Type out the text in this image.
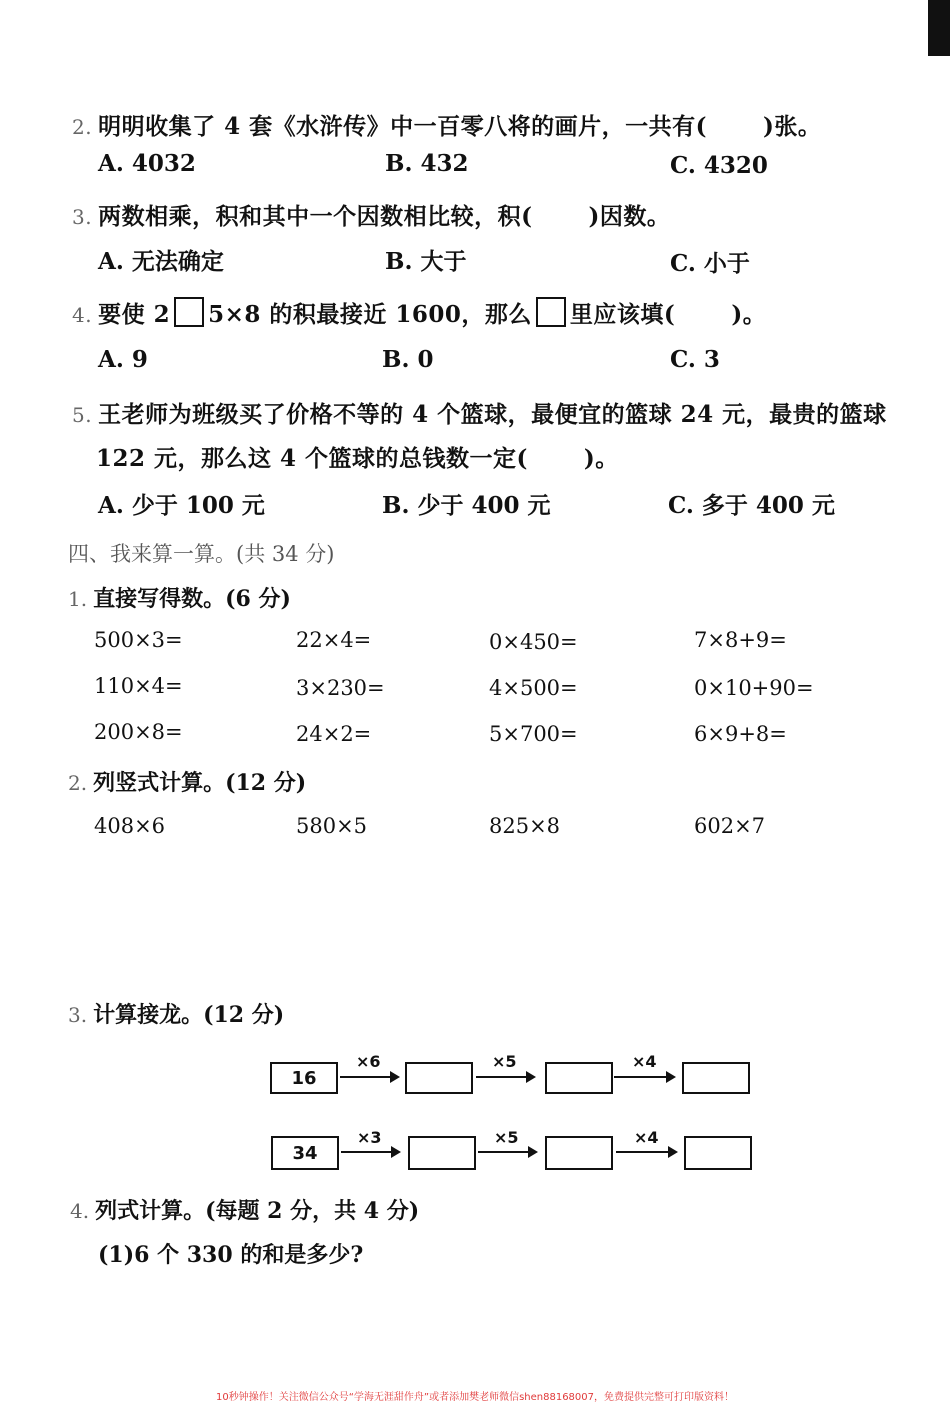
2. 明明收集了 4 套《水浒传》中一百零八将的画片，一共有( )张。
A. 4032	B. 432	C. 4320
3. 两数相乘，积和其中一个因数相比较，积( )因数。
A. 无法确定	B. 大于	C. 小于
4. 要使 2 5×8 的积最接近 1600，那么 里应该填( )。
A. 9	B. 0	C. 3
5. 王老师为班级买了价格不等的 4 个篮球，最便宜的篮球 24 元，最贵的篮球
122 元，那么这 4 个篮球的总钱数一定( )。
A. 少于 100 元	B. 少于 400 元	C. 多于 400 元
四、我来算一算。(共 34 分)
1. 直接写得数。(6 分)
500×3=	22×4=	0×450=	7×8+9=
110×4=	3×230=	4×500=	0×10+90=
200×8=	24×2=	5×700=	6×9+8=
2. 列竖式计算。(12 分)
408×6	580×5	825×8	602×7
3. 计算接龙。(12 分)
16
×6	×5	×4
34
×3	×5	×4
4. 列式计算。(每题 2 分，共 4 分)
(1)6 个 330 的和是多少?
10秒钟操作！关注微信公众号“学海无涯甜作舟”或者添加樊老师微信shen88168007，免费提供完整可打印版资料！
